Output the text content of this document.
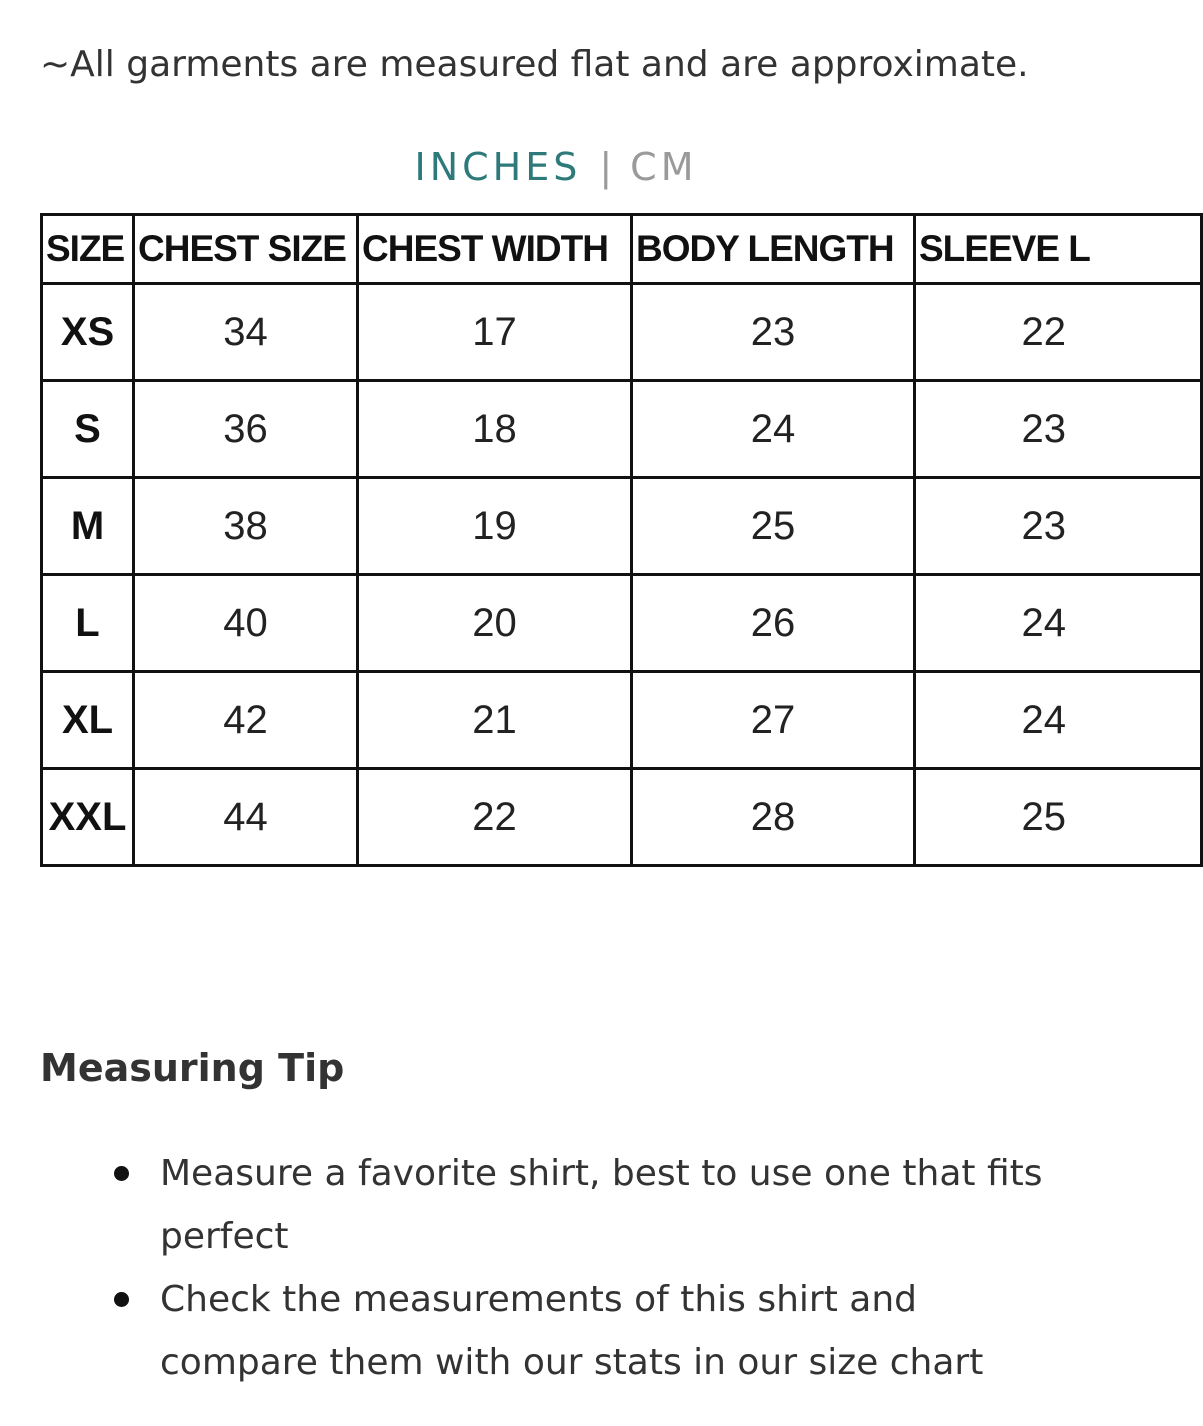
~All garments are measured flat and are approximate.
INCHES | CM
SIZE	CHEST SIZE	CHEST WIDTH	BODY LENGTH	SLEEVE L
XS	34	17	23	22
S	36	18	24	23
M	38	19	25	23
L	40	20	26	24
XL	42	21	27	24
XXL	44	22	28	25
Measuring Tip
Measure a favorite shirt, best to use one that fits perfect
Check the measurements of this shirt and compare them with our stats in our size chart
